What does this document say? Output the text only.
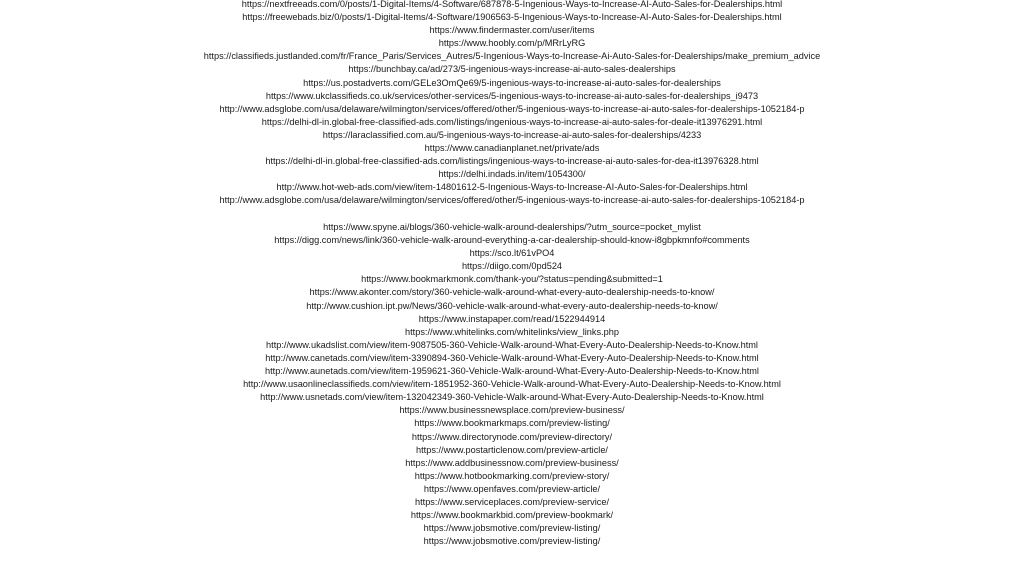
https://nextfreeads.com/0/posts/1-Digital-Items/4-Software/687878-5-Ingenious-Ways-to-Increase-AI-Auto-Sales-for-Dealerships.html
https://freewebads.biz/0/posts/1-Digital-Items/4-Software/1906563-5-Ingenious-Ways-to-Increase-AI-Auto-Sales-for-Dealerships.html
https://www.findermaster.com/user/items
https://www.hoobly.com/p/MRrLyRG
https://classifieds.justlanded.com/fr/France_Paris/Services_Autres/5-Ingenious-Ways-to-Increase-Ai-Auto-Sales-for-Dealerships/make_premium_advice
https://bunchbay.ca/ad/273/5-ingenious-ways-increase-ai-auto-sales-dealerships
https://us.postadverts.com/GELe3OmQe69/5-ingenious-ways-to-increase-ai-auto-sales-for-dealerships
https://www.ukclassifieds.co.uk/services/other-services/5-ingenious-ways-to-increase-ai-auto-sales-for-dealerships_i9473
http://www.adsglobe.com/usa/delaware/wilmington/services/offered/other/5-ingenious-ways-to-increase-ai-auto-sales-for-dealerships-1052184-p
https://delhi-dl-in.global-free-classified-ads.com/listings/ingenious-ways-to-increase-ai-auto-sales-for-deale-it13976291.html
https://laraclassified.com.au/5-ingenious-ways-to-increase-ai-auto-sales-for-dealerships/4233
https://www.canadianplanet.net/private/ads
https://delhi-dl-in.global-free-classified-ads.com/listings/ingenious-ways-to-increase-ai-auto-sales-for-dea-it13976328.html
https://delhi.indads.in/item/1054300/
http://www.hot-web-ads.com/view/item-14801612-5-Ingenious-Ways-to-Increase-AI-Auto-Sales-for-Dealerships.html
http://www.adsglobe.com/usa/delaware/wilmington/services/offered/other/5-ingenious-ways-to-increase-ai-auto-sales-for-dealerships-1052184-p
https://www.spyne.ai/blogs/360-vehicle-walk-around-dealerships/?utm_source=pocket_mylist
https://digg.com/news/link/360-vehicle-walk-around-everything-a-car-dealership-should-know-i8gbpkmnfo#comments
https://sco.lt/61vPO4
https://diigo.com/0pd524
https://www.bookmarkmonk.com/thank-you/?status=pending&submitted=1
https://www.akonter.com/story/360-vehicle-walk-around-what-every-auto-dealership-needs-to-know/
http://www.cushion.ipt.pw/News/360-vehicle-walk-around-what-every-auto-dealership-needs-to-know/
https://www.instapaper.com/read/1522944914
https://www.whitelinks.com/whitelinks/view_links.php
http://www.ukadslist.com/view/item-9087505-360-Vehicle-Walk-around-What-Every-Auto-Dealership-Needs-to-Know.html
http://www.canetads.com/view/item-3390894-360-Vehicle-Walk-around-What-Every-Auto-Dealership-Needs-to-Know.html
http://www.aunetads.com/view/item-1959621-360-Vehicle-Walk-around-What-Every-Auto-Dealership-Needs-to-Know.html
http://www.usaonlineclassifieds.com/view/item-1851952-360-Vehicle-Walk-around-What-Every-Auto-Dealership-Needs-to-Know.html
http://www.usnetads.com/view/item-132042349-360-Vehicle-Walk-around-What-Every-Auto-Dealership-Needs-to-Know.html
https://www.businessnewsplace.com/preview-business/
https://www.bookmarkmaps.com/preview-listing/
https://www.directorynode.com/preview-directory/
https://www.postarticlenow.com/preview-article/
https://www.addbusinessnow.com/preview-business/
https://www.hotbookmarking.com/preview-story/
https://www.openfaves.com/preview-article/
https://www.serviceplaces.com/preview-service/
https://www.bookmarkbid.com/preview-bookmark/
https://www.jobsmotive.com/preview-listing/
https://www.jobsmotive.com/preview-listing/
